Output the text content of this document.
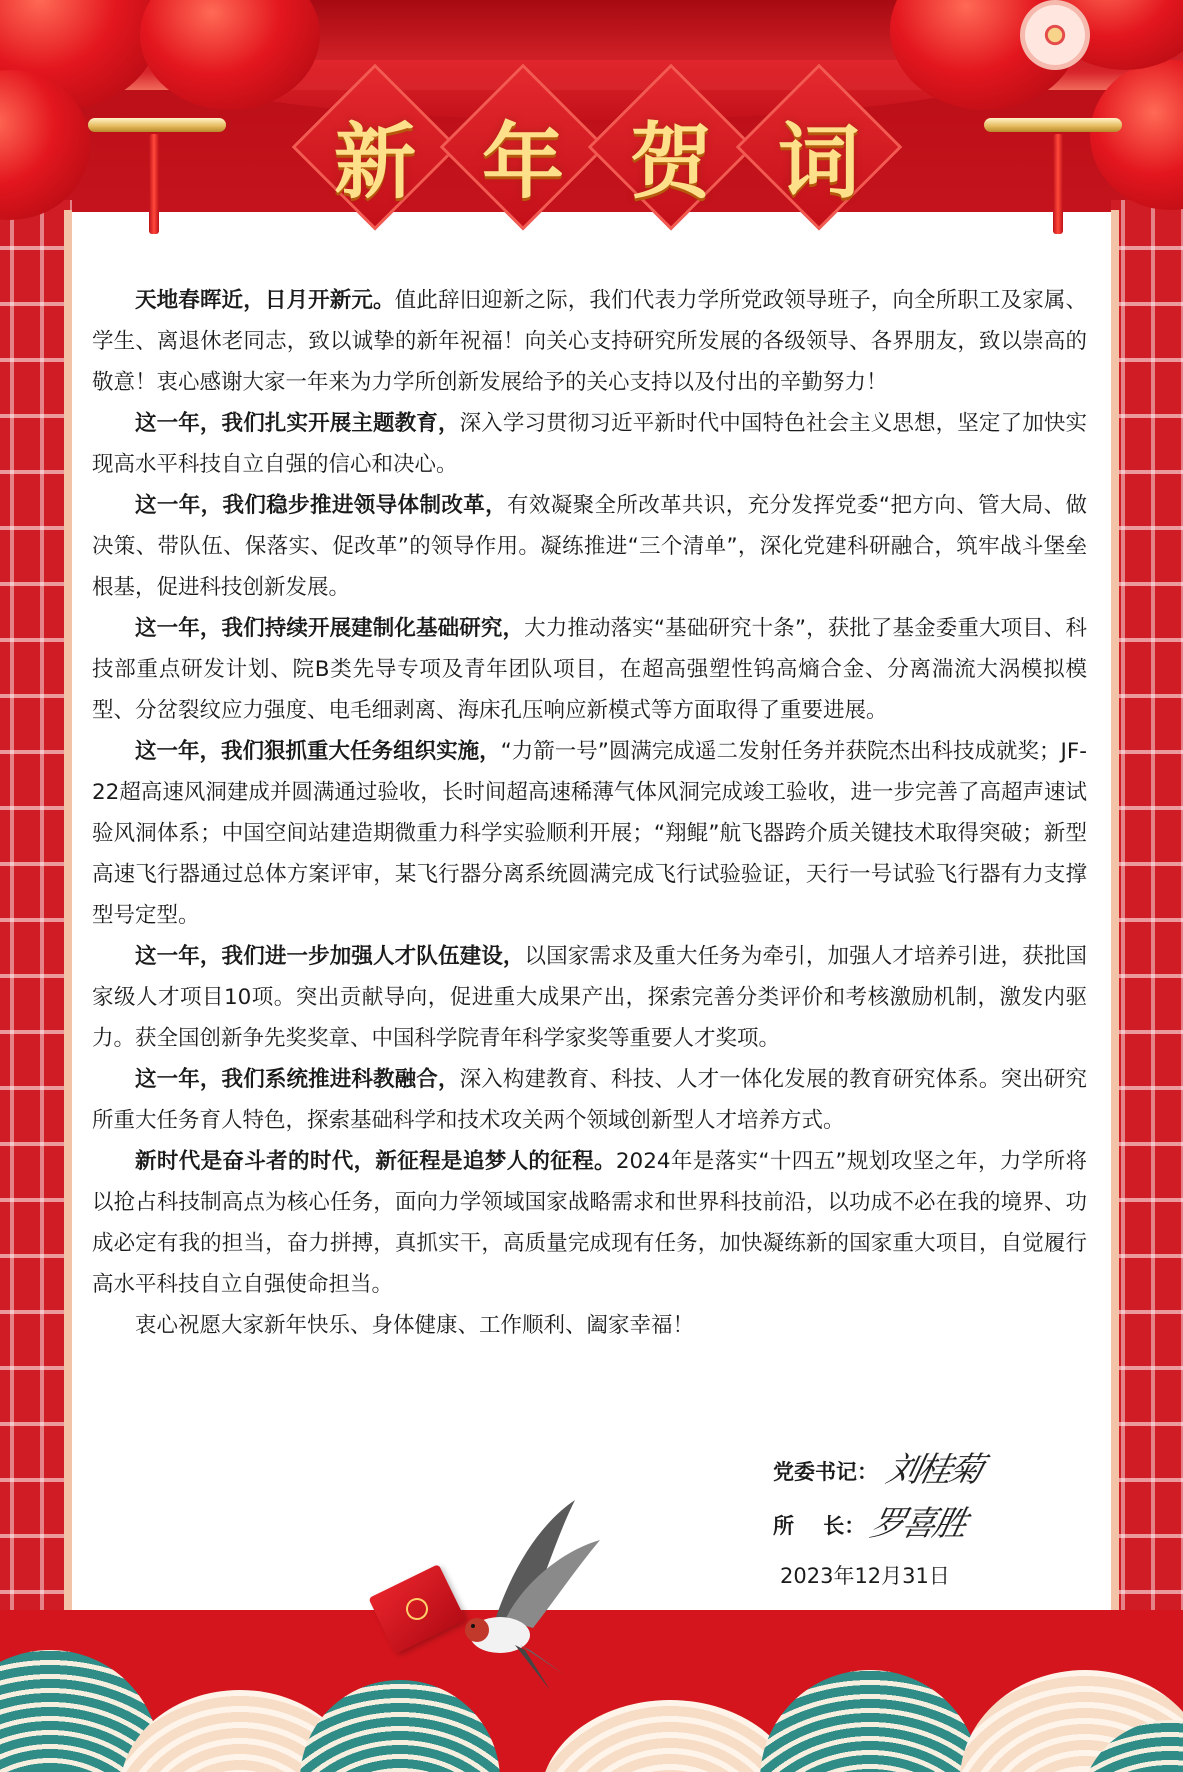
新 年 贺 词

天地春晖近，日月开新元。值此辞旧迎新之际，我们代表力学所党政领导班子，向全所职工及家属、学生、离退休老同志，致以诚挚的新年祝福！向关心支持研究所发展的各级领导、各界朋友，致以崇高的敬意！衷心感谢大家一年来为力学所创新发展给予的关心支持以及付出的辛勤努力！

这一年，我们扎实开展主题教育，深入学习贯彻习近平新时代中国特色社会主义思想，坚定了加快实现高水平科技自立自强的信心和决心。

这一年，我们稳步推进领导体制改革，有效凝聚全所改革共识，充分发挥党委“把方向、管大局、做决策、带队伍、保落实、促改革”的领导作用。凝练推进“三个清单”，深化党建科研融合，筑牢战斗堡垒根基，促进科技创新发展。

这一年，我们持续开展建制化基础研究，大力推动落实“基础研究十条”，获批了基金委重大项目、科技部重点研发计划、院B类先导专项及青年团队项目，在超高强塑性钨高熵合金、分离湍流大涡模拟模型、分岔裂纹应力强度、电毛细剥离、海床孔压响应新模式等方面取得了重要进展。

这一年，我们狠抓重大任务组织实施，“力箭一号”圆满完成遥二发射任务并获院杰出科技成就奖；JF-22超高速风洞建成并圆满通过验收，长时间超高速稀薄气体风洞完成竣工验收，进一步完善了高超声速试验风洞体系；中国空间站建造期微重力科学实验顺利开展；“翔鲲”航飞器跨介质关键技术取得突破；新型高速飞行器通过总体方案评审，某飞行器分离系统圆满完成飞行试验验证，天行一号试验飞行器有力支撑型号定型。

这一年，我们进一步加强人才队伍建设，以国家需求及重大任务为牵引，加强人才培养引进，获批国家级人才项目10项。突出贡献导向，促进重大成果产出，探索完善分类评价和考核激励机制，激发内驱力。获全国创新争先奖奖章、中国科学院青年科学家奖等重要人才奖项。

这一年，我们系统推进科教融合，深入构建教育、科技、人才一体化发展的教育研究体系。突出研究所重大任务育人特色，探索基础科学和技术攻关两个领域创新型人才培养方式。

新时代是奋斗者的时代，新征程是追梦人的征程。2024年是落实“十四五”规划攻坚之年，力学所将以抢占科技制高点为核心任务，面向力学领域国家战略需求和世界科技前沿，以功成不必在我的境界、功成必定有我的担当，奋力拼搏，真抓实干，高质量完成现有任务，加快凝练新的国家重大项目，自觉履行高水平科技自立自强使命担当。

衷心祝愿大家新年快乐、身体健康、工作顺利、阖家幸福！

党委书记： 刘桂菊
所    长： 罗喜胜
2023年12月31日
